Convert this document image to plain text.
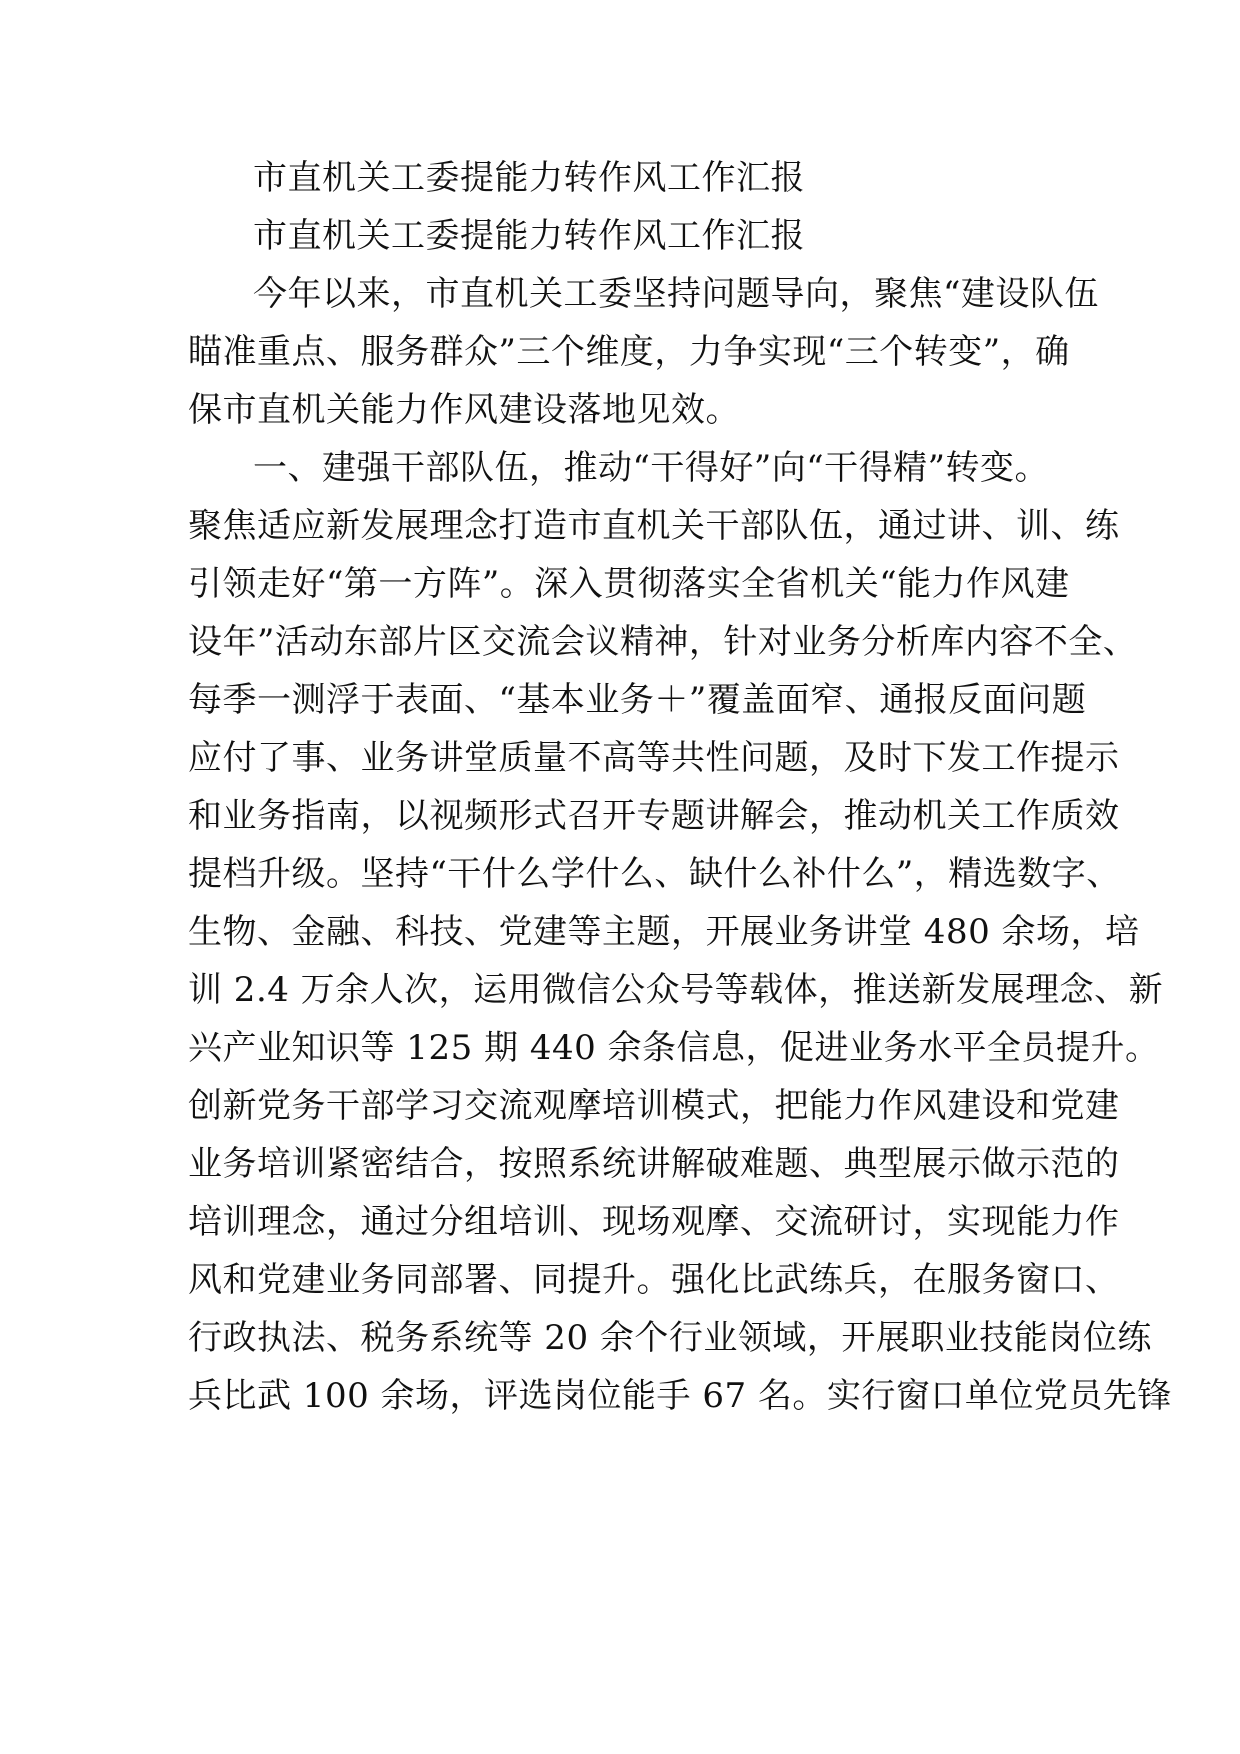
市直机关工委提能力转作风工作汇报
市直机关工委提能力转作风工作汇报
今年以来，市直机关工委坚持问题导向，聚焦“建设队伍
瞄准重点、服务群众”三个维度，力争实现“三个转变”，确
保市直机关能力作风建设落地见效。
一、建强干部队伍，推动“干得好”向“干得精”转变。
聚焦适应新发展理念打造市直机关干部队伍，通过讲、训、练
引领走好“第一方阵”。深入贯彻落实全省机关“能力作风建
设年”活动东部片区交流会议精神，针对业务分析库内容不全、
每季一测浮于表面、“基本业务＋”覆盖面窄、通报反面问题
应付了事、业务讲堂质量不高等共性问题，及时下发工作提示
和业务指南，以视频形式召开专题讲解会，推动机关工作质效
提档升级。坚持“干什么学什么、缺什么补什么”，精选数字、
生物、金融、科技、党建等主题，开展业务讲堂 480 余场，培
训 2.4 万余人次，运用微信公众号等载体，推送新发展理念、新
兴产业知识等 125 期 440 余条信息，促进业务水平全员提升。
创新党务干部学习交流观摩培训模式，把能力作风建设和党建
业务培训紧密结合，按照系统讲解破难题、典型展示做示范的
培训理念，通过分组培训、现场观摩、交流研讨，实现能力作
风和党建业务同部署、同提升。强化比武练兵，在服务窗口、
行政执法、税务系统等 20 余个行业领域，开展职业技能岗位练
兵比武 100 余场，评选岗位能手 67 名。实行窗口单位党员先锋
